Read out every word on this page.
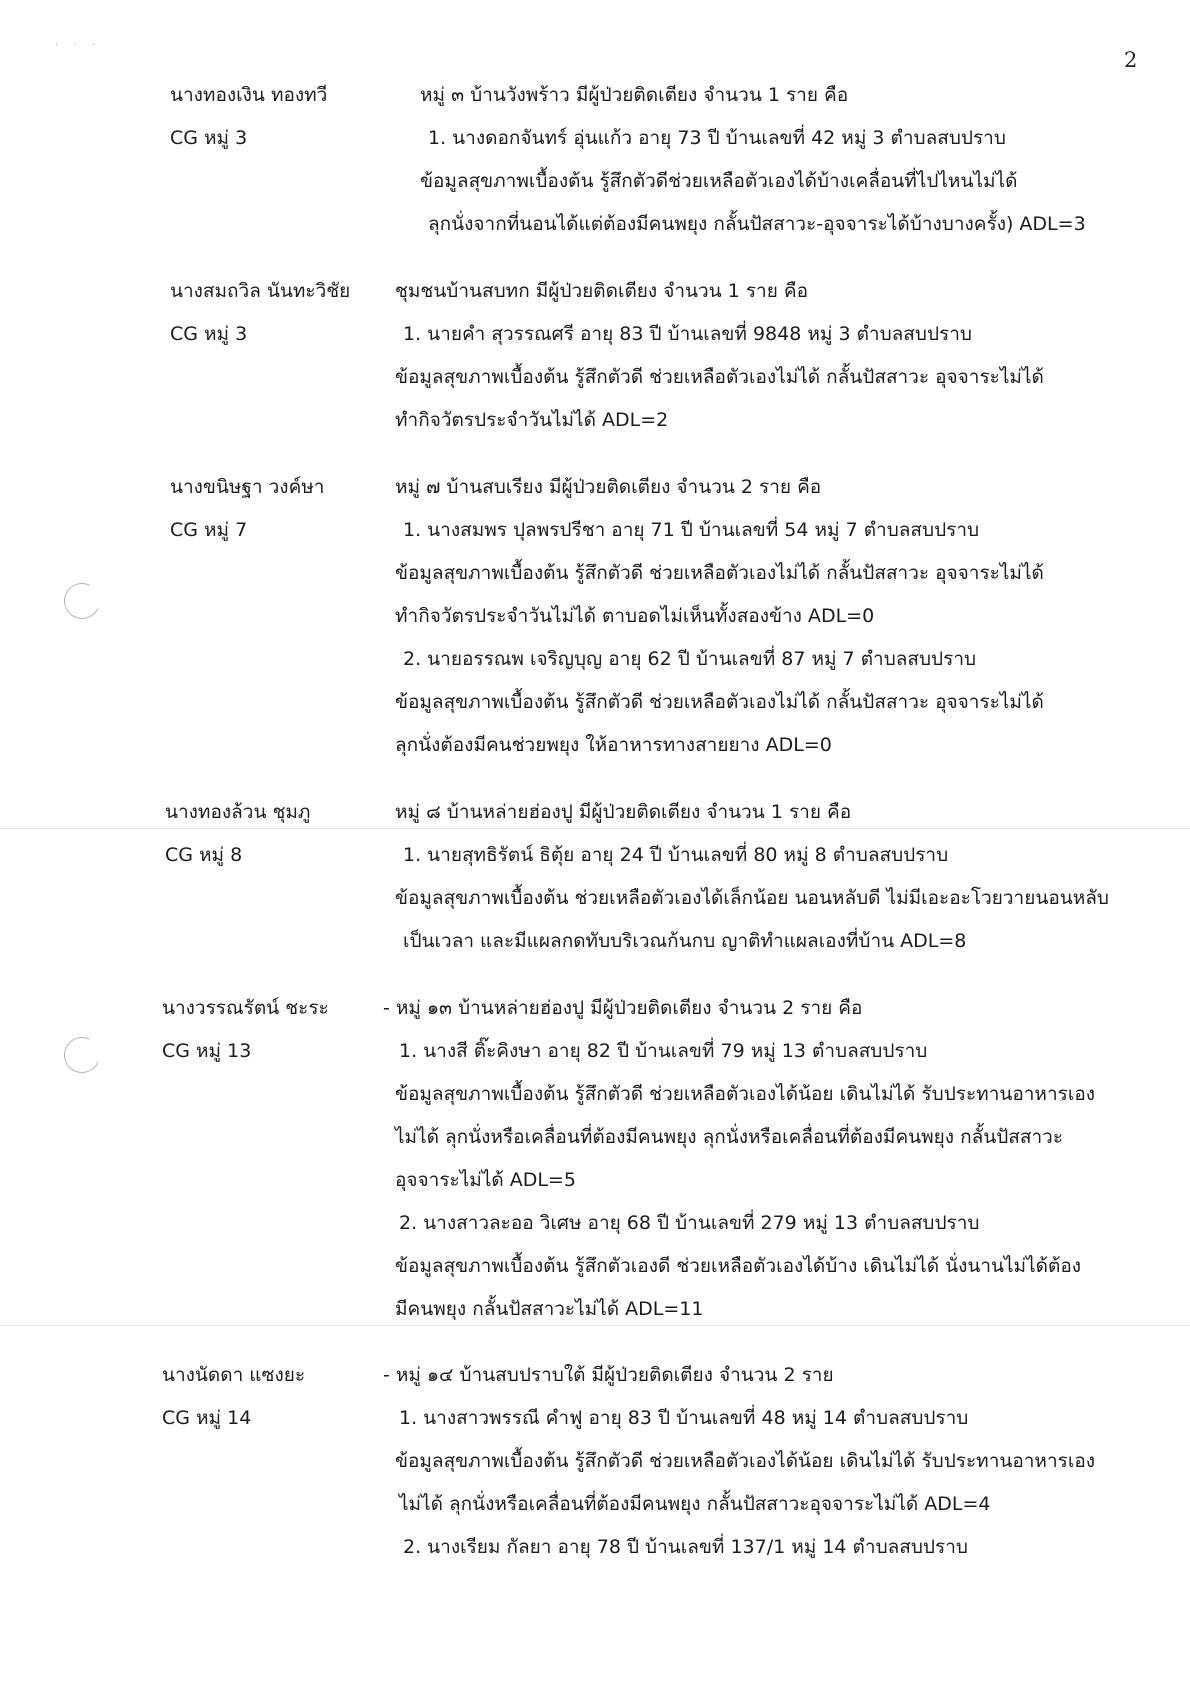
· · ·
2
นางทองเงิน ทองทวี
CG หมู่ 3
หมู่ ๓ บ้านวังพร้าว มีผู้ป่วยติดเตียง จำนวน 1 ราย คือ
1. นางดอกจันทร์ อุ่นแก้ว อายุ 73 ปี บ้านเลขที่ 42 หมู่ 3 ตำบลสบปราบ
ข้อมูลสุขภาพเบื้องต้น รู้สึกตัวดีช่วยเหลือตัวเองได้บ้างเคลื่อนที่ไปไหนไม่ได้
ลุกนั่งจากที่นอนได้แต่ต้องมีคนพยุง กลั้นปัสสาวะ-อุจจาระได้บ้างบางครั้ง) ADL=3
นางสมถวิล นันทะวิชัย
CG หมู่ 3
ชุมชนบ้านสบทก มีผู้ป่วยติดเตียง จำนวน 1 ราย คือ
1. นายคำ สุวรรณศรี อายุ 83 ปี บ้านเลขที่ 9848 หมู่ 3 ตำบลสบปราบ
ข้อมูลสุขภาพเบื้องต้น รู้สึกตัวดี ช่วยเหลือตัวเองไม่ได้ กลั้นปัสสาวะ อุจจาระไม่ได้
ทำกิจวัตรประจำวันไม่ได้ ADL=2
นางขนิษฐา วงค์ษา
CG หมู่ 7
หมู่ ๗ บ้านสบเรียง มีผู้ป่วยติดเตียง จำนวน 2 ราย คือ
1. นางสมพร ปุลพรปรีชา อายุ 71 ปี บ้านเลขที่ 54 หมู่ 7 ตำบลสบปราบ
ข้อมูลสุขภาพเบื้องต้น รู้สึกตัวดี ช่วยเหลือตัวเองไม่ได้ กลั้นปัสสาวะ อุจจาระไม่ได้
ทำกิจวัตรประจำวันไม่ได้ ตาบอดไม่เห็นทั้งสองข้าง ADL=0
2. นายอรรณพ เจริญบุญ อายุ 62 ปี บ้านเลขที่ 87 หมู่ 7 ตำบลสบปราบ
ข้อมูลสุขภาพเบื้องต้น รู้สึกตัวดี ช่วยเหลือตัวเองไม่ได้ กลั้นปัสสาวะ อุจจาระไม่ได้
ลุกนั่งต้องมีคนช่วยพยุง ให้อาหารทางสายยาง ADL=0
นางทองล้วน ชุมภู
CG หมู่ 8
หมู่ ๘ บ้านหล่ายฮ่องปู มีผู้ป่วยติดเตียง จำนวน 1 ราย คือ
1. นายสุทธิรัตน์ ธิตุ้ย อายุ 24 ปี บ้านเลขที่ 80 หมู่ 8 ตำบลสบปราบ
ข้อมูลสุขภาพเบื้องต้น ช่วยเหลือตัวเองได้เล็กน้อย นอนหลับดี ไม่มีเอะอะโวยวายนอนหลับ
เป็นเวลา และมีแผลกดทับบริเวณก้นกบ ญาติทำแผลเองที่บ้าน ADL=8
นางวรรณรัตน์ ชะระ
CG หมู่ 13
- หมู่ ๑๓ บ้านหล่ายฮ่องปู มีผู้ป่วยติดเตียง จำนวน 2 ราย คือ
1. นางสี ติ๊ะคิงษา อายุ 82 ปี บ้านเลขที่ 79 หมู่ 13 ตำบลสบปราบ
ข้อมูลสุขภาพเบื้องต้น รู้สึกตัวดี ช่วยเหลือตัวเองได้น้อย เดินไม่ได้ รับประทานอาหารเอง
ไม่ได้ ลุกนั่งหรือเคลื่อนที่ต้องมีคนพยุง ลุกนั่งหรือเคลื่อนที่ต้องมีคนพยุง กลั้นปัสสาวะ
อุจจาระไม่ได้ ADL=5
2. นางสาวละออ วิเศษ อายุ 68 ปี บ้านเลขที่ 279 หมู่ 13 ตำบลสบปราบ
ข้อมูลสุขภาพเบื้องต้น รู้สึกตัวเองดี ช่วยเหลือตัวเองได้บ้าง เดินไม่ได้ นั่งนานไม่ได้ต้อง
มีคนพยุง กลั้นปัสสาวะไม่ได้ ADL=11
นางนัดดา แซงยะ
CG หมู่ 14
- หมู่ ๑๔ บ้านสบปราบใต้ มีผู้ป่วยติดเตียง จำนวน 2 ราย
1. นางสาวพรรณี คำฟู อายุ 83 ปี บ้านเลขที่ 48 หมู่ 14 ตำบลสบปราบ
ข้อมูลสุขภาพเบื้องต้น รู้สึกตัวดี ช่วยเหลือตัวเองได้น้อย เดินไม่ได้ รับประทานอาหารเอง
ไม่ได้ ลุกนั่งหรือเคลื่อนที่ต้องมีคนพยุง กลั้นปัสสาวะอุจจาระไม่ได้ ADL=4
2. นางเรียม กัลยา อายุ 78 ปี บ้านเลขที่ 137/1 หมู่ 14 ตำบลสบปราบ
